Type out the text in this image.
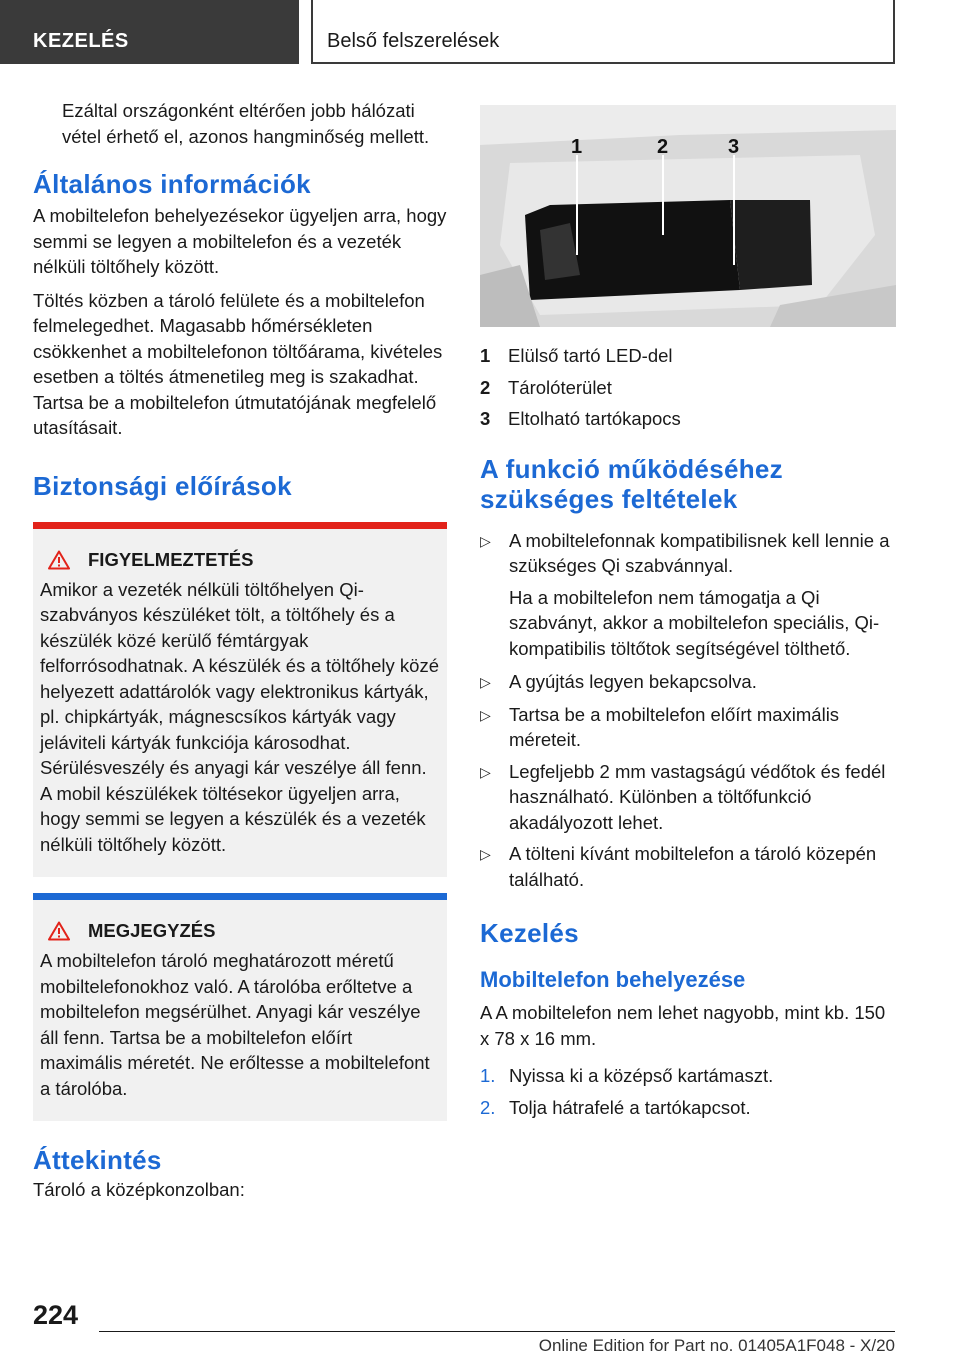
KEZELÉS	Belső felszerelések

Ezáltal országonként eltérően jobb hálózati vétel érhető el, azonos hangminőség mellett.

Általános információk

A mobiltelefon behelyezésekor ügyeljen arra, hogy semmi se legyen a mobiltelefon és a vezeték nélküli töltőhely között.

Töltés közben a tároló felülete és a mobiltelefon felmelegedhet. Magasabb hőmérsékleten csökkenhet a mobiltelefonon töltőárama, kivételes esetben a töltés átmenetileg meg is szakadhat. Tartsa be a mobiltelefon útmutatójának megfelelő utasításait.

Biztonsági előírások
FIGYELMEZTETÉS
Amikor a vezeték nélküli töltőhelyen Qi-szabványos készüléket tölt, a töltőhely és a készülék közé kerülő fémtárgyak felforrósodhatnak. A készülék és a töltőhely közé helyezett adattárolók vagy elektronikus kártyák, pl. chipkártyák, mágnescsíkos kártyák vagy jeláviteli kártyák funkciója károsodhat. Sérülésveszély és anyagi kár veszélye áll fenn. A mobil készülékek töltésekor ügyeljen arra, hogy semmi se legyen a készülék és a vezeték nélküli töltőhely között.
MEGJEGYZÉS
A mobiltelefon tároló meghatározott méretű mobiltelefonokhoz való. A tárolóba erőltetve a mobiltelefon megsérülhet. Anyagi kár veszélye áll fenn. Tartsa be a mobiltelefon előírt maximális méretét. Ne erőltesse a mobiltelefont a tárolóba.
Áttekintés

Tároló a középkonzolban:

1	2	3
1 Elülső tartó LED-del
2 Tárolóterület
3 Eltolható tartókapocs
A funkció működéséhez szükséges feltételek
▷ A mobiltelefonnak kompatibilisnek kell lennie a szükséges Qi szabvánnyal.

Ha a mobiltelefon nem támogatja a Qi szabványt, akkor a mobiltelefon speciális, Qi-kompatibilis töltőtok segítségével tölthető.

▷ A gyújtás legyen bekapcsolva.
▷ Tartsa be a mobiltelefon előírt maximális méreteit.
▷ Legfeljebb 2 mm vastagságú védőtok és fedél használható. Különben a töltőfunkció akadályozott lehet.
▷ A tölteni kívánt mobiltelefon a tároló közepén található.
Kezelés
Mobiltelefon behelyezése

A A mobiltelefon nem lehet nagyobb, mint kb. 150 x 78 x 16 mm.

1. Nyissa ki a középső kartámaszt.
2. Tolja hátrafelé a tartókapcsot.
224
Online Edition for Part no. 01405A1F048 - X/20
